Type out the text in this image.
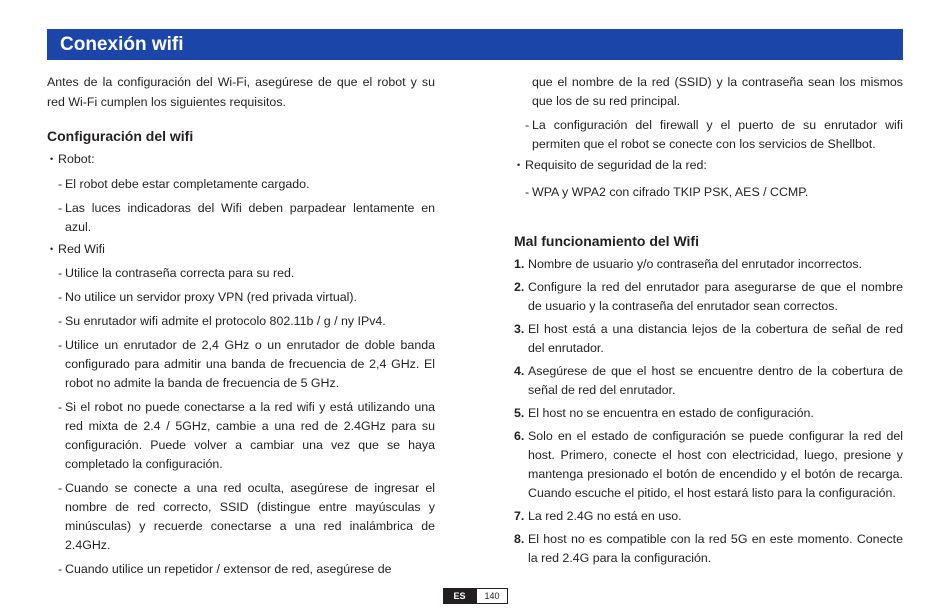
Conexión wifi

Antes de la configuración del Wi-Fi, asegúrese de que el robot y su red Wi-Fi cumplen los siguientes requisitos.

Configuración del wifi

• Robot:

- El robot debe estar completamente cargado.

- Las luces indicadoras del Wifi deben parpadear lentamente en azul.

• Red Wifi

- Utilice la contraseña correcta para su red.

- No utilice un servidor proxy VPN (red privada virtual).

- Su enrutador wifi admite el protocolo 802.11b / g / ny IPv4.

- Utilice un enrutador de 2,4 GHz o un enrutador de doble banda configurado para admitir una banda de frecuencia de 2,4 GHz. El robot no admite la banda de frecuencia de 5 GHz.

- Si el robot no puede conectarse a la red wifi y está utilizando una red mixta de 2.4 / 5GHz, cambie a una red de 2.4GHz para su configuración. Puede volver a cambiar una vez que se haya completado la configuración.

- Cuando se conecte a una red oculta, asegúrese de ingresar el nombre de red correcto, SSID (distingue entre mayúsculas y minúsculas) y recuerde conectarse a una red inalámbrica de 2.4GHz.

- Cuando utilice un repetidor / extensor de red, asegúrese de

que el nombre de la red (SSID) y la contraseña sean los mismos que los de su red principal.

- La configuración del firewall y el puerto de su enrutador wifi permiten que el robot se conecte con los servicios de Shellbot.

• Requisito de seguridad de la red:

- WPA y WPA2 con cifrado TKIP PSK, AES / CCMP.

Mal funcionamiento del Wifi

1. Nombre de usuario y/o contraseña del enrutador incorrectos.

2. Configure la red del enrutador para asegurarse de que el nombre de usuario y la contraseña del enrutador sean correctos.

3. El host está a una distancia lejos de la cobertura de señal de red del enrutador.

4. Asegúrese de que el host se encuentre dentro de la cobertura de señal de red del enrutador.

5. El host no se encuentra en estado de configuración.

6. Solo en el estado de configuración se puede configurar la red del host. Primero, conecte el host con electricidad, luego, presione y mantenga presionado el botón de encendido y el botón de recarga. Cuando escuche el pitido, el host estará listo para la configuración.

7. La red 2.4G no está en uso.

8. El host no es compatible con la red 5G en este momento. Conecte la red 2.4G para la configuración.

ES	140
